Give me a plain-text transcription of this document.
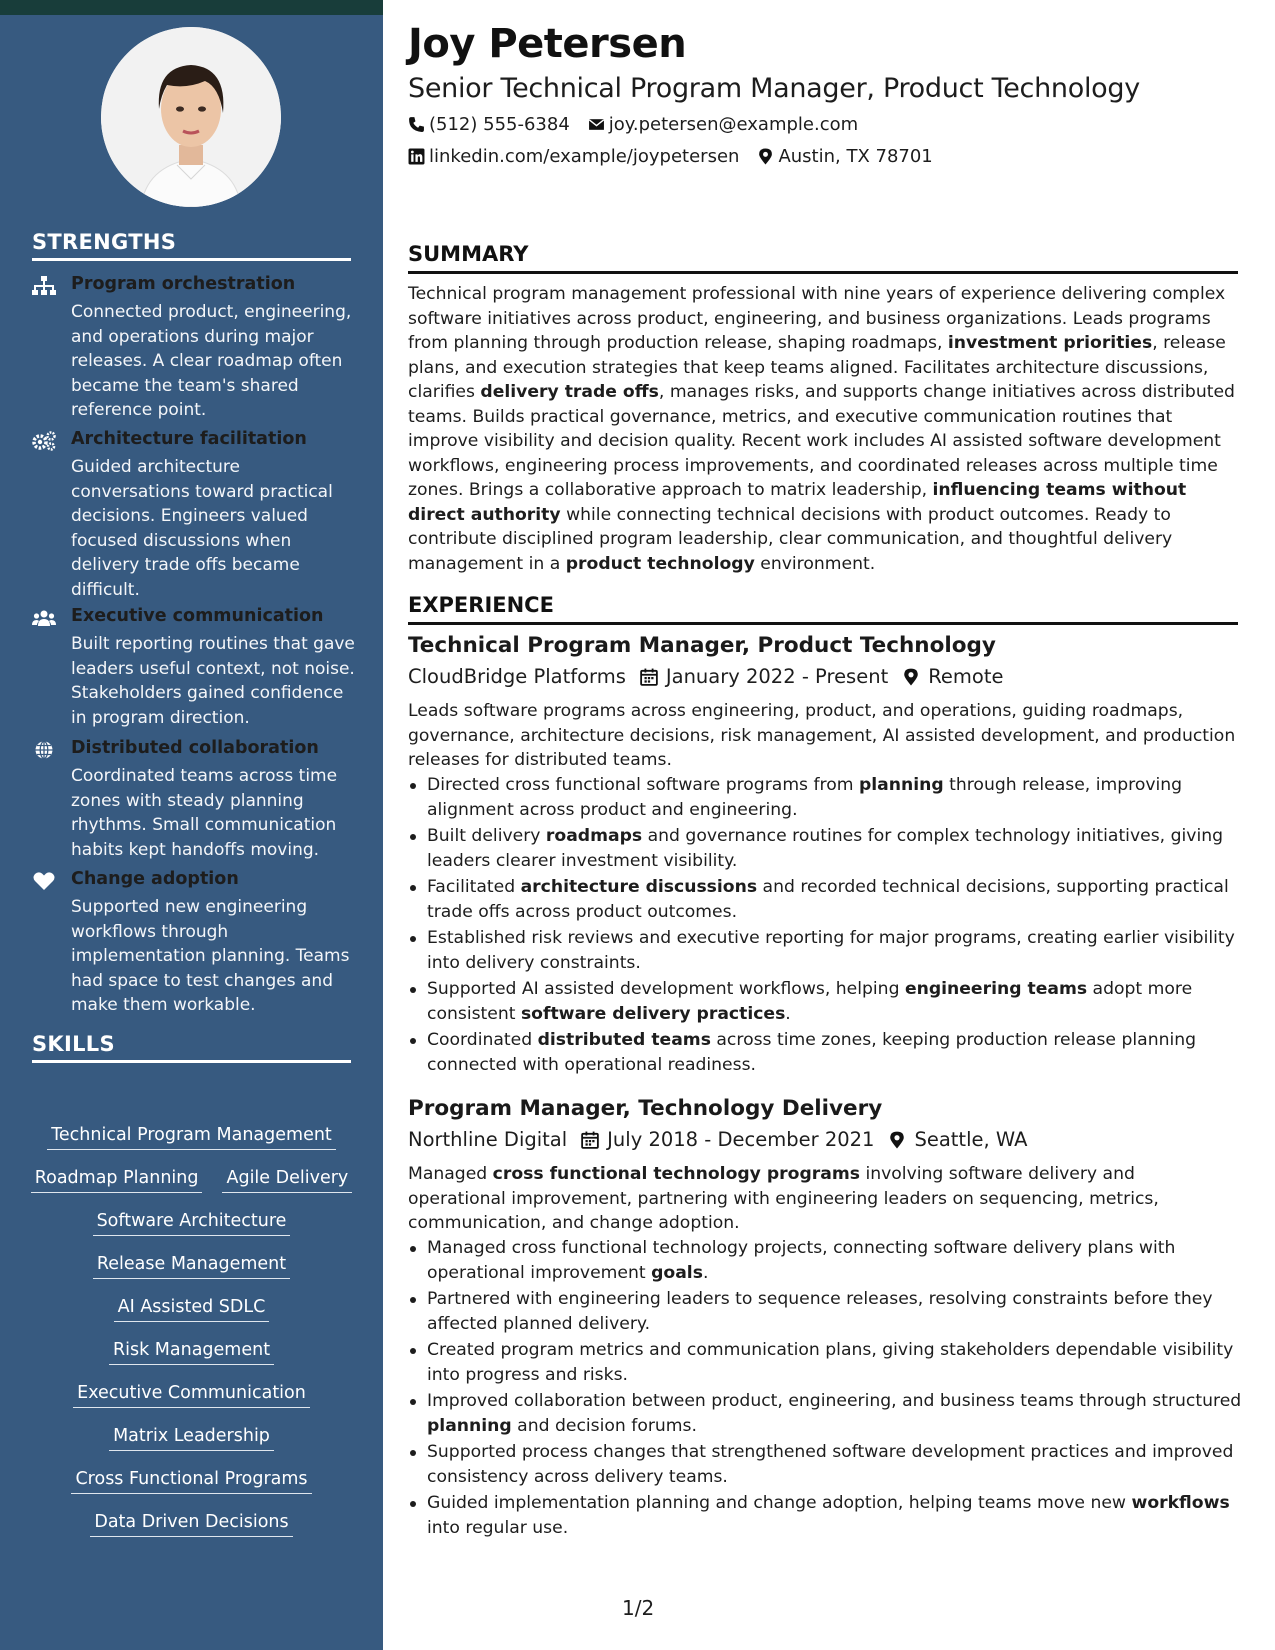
STRENGTHS
Program orchestration
Connected product, engineering, and operations during major releases. A clear roadmap often became the team's shared reference point.
Architecture facilitation
Guided architecture conversations toward practical decisions. Engineers valued focused discussions when delivery trade offs became difficult.
Executive communication
Built reporting routines that gave leaders useful context, not noise. Stakeholders gained confidence in program direction.
Distributed collaboration
Coordinated teams across time zones with steady planning rhythms. Small communication habits kept handoffs moving.
Change adoption
Supported new engineering workflows through implementation planning. Teams had space to test changes and make them workable.
SKILLS
Technical Program Management
Roadmap Planning Agile Delivery
Software Architecture
Release Management
AI Assisted SDLC
Risk Management
Executive Communication
Matrix Leadership
Cross Functional Programs
Data Driven Decisions
Joy Petersen
Senior Technical Program Manager, Product Technology
(512) 555-6384 joy.petersen@example.com
linkedin.com/example/joypetersen Austin, TX 78701
SUMMARY
Technical program management professional with nine years of experience delivering complex software initiatives across product, engineering, and business organizations. Leads programs from planning through production release, shaping roadmaps, investment priorities, release plans, and execution strategies that keep teams aligned. Facilitates architecture discussions, clarifies delivery trade offs, manages risks, and supports change initiatives across distributed teams. Builds practical governance, metrics, and executive communication routines that improve visibility and decision quality. Recent work includes AI assisted software development workflows, engineering process improvements, and coordinated releases across multiple time zones. Brings a collaborative approach to matrix leadership, influencing teams without direct authority while connecting technical decisions with product outcomes. Ready to contribute disciplined program leadership, clear communication, and thoughtful delivery management in a product technology environment.
EXPERIENCE
Technical Program Manager, Product Technology
CloudBridge Platforms January 2022 - Present Remote
Leads software programs across engineering, product, and operations, guiding roadmaps, governance, architecture decisions, risk management, AI assisted development, and production releases for distributed teams.
Directed cross functional software programs from planning through release, improving alignment across product and engineering.
Built delivery roadmaps and governance routines for complex technology initiatives, giving leaders clearer investment visibility.
Facilitated architecture discussions and recorded technical decisions, supporting practical trade offs across product outcomes.
Established risk reviews and executive reporting for major programs, creating earlier visibility into delivery constraints.
Supported AI assisted development workflows, helping engineering teams adopt more consistent software delivery practices.
Coordinated distributed teams across time zones, keeping production release planning connected with operational readiness.
Program Manager, Technology Delivery
Northline Digital July 2018 - December 2021 Seattle, WA
Managed cross functional technology programs involving software delivery and operational improvement, partnering with engineering leaders on sequencing, metrics, communication, and change adoption.
Managed cross functional technology projects, connecting software delivery plans with operational improvement goals.
Partnered with engineering leaders to sequence releases, resolving constraints before they affected planned delivery.
Created program metrics and communication plans, giving stakeholders dependable visibility into progress and risks.
Improved collaboration between product, engineering, and business teams through structured planning and decision forums.
Supported process changes that strengthened software development practices and improved consistency across delivery teams.
Guided implementation planning and change adoption, helping teams move new workflows into regular use.
1/2
